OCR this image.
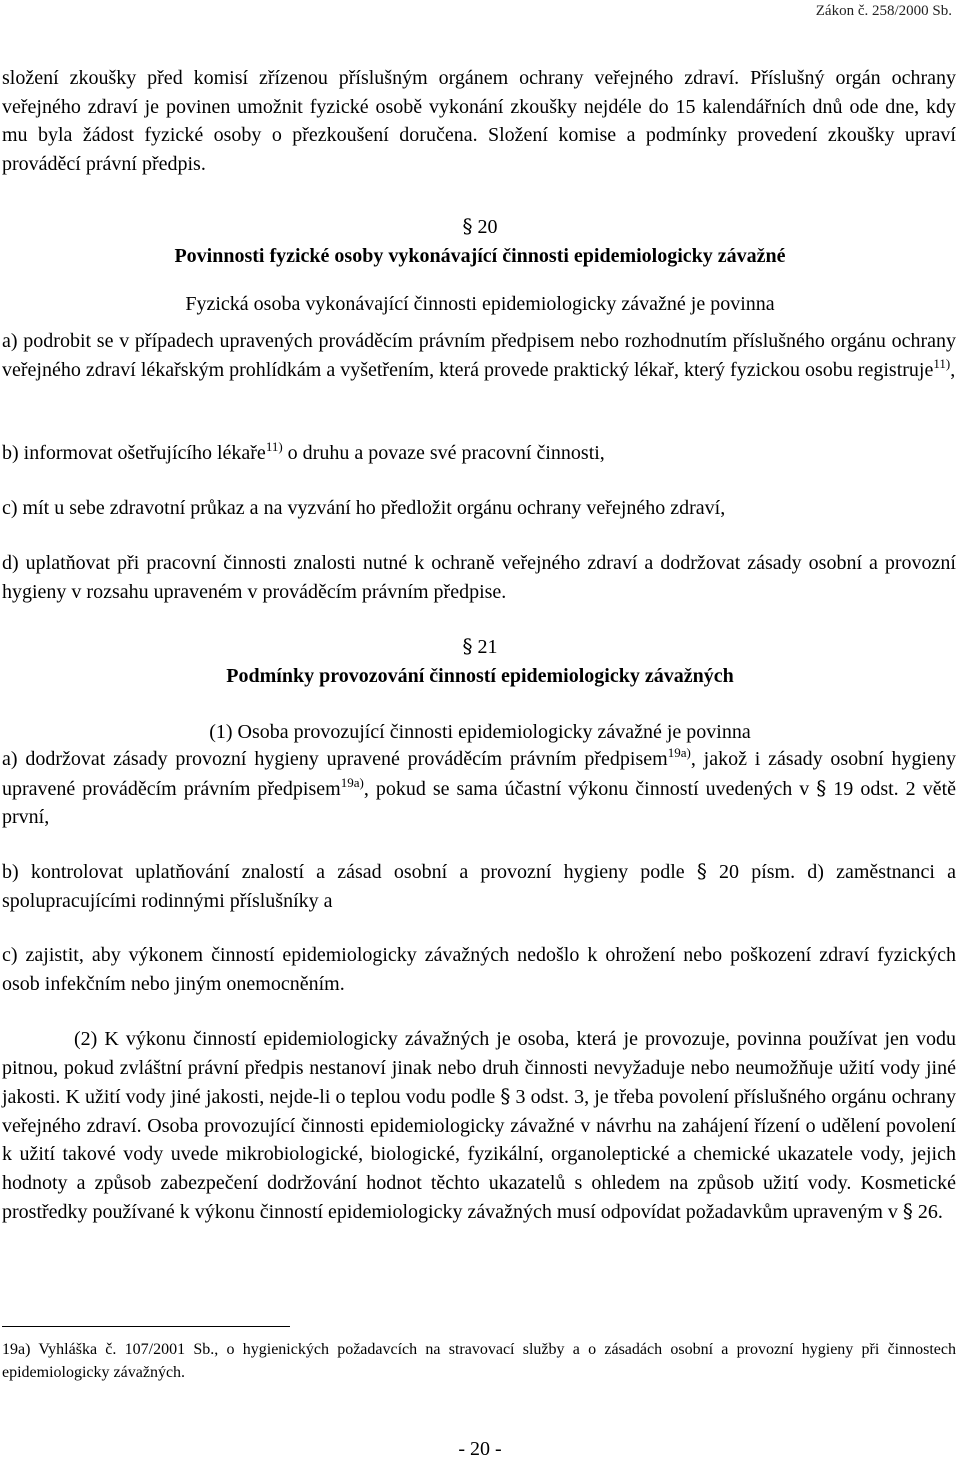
Zákon č. 258/2000 Sb.

složení zkoušky před komisí zřízenou příslušným orgánem ochrany veřejného zdraví. Příslušný orgán ochrany veřejného zdraví je povinen umožnit fyzické osobě vykonání zkoušky nejdéle do 15 kalendářních dnů ode dne, kdy mu byla žádost fyzické osoby o přezkoušení doručena. Složení komise a podmínky provedení zkoušky upraví prováděcí právní předpis.

§ 20
Povinnosti fyzické osoby vykonávající činnosti epidemiologicky závažné
Fyzická osoba vykonávající činnosti epidemiologicky závažné je povinna

a) podrobit se v případech upravených prováděcím právním předpisem nebo rozhodnutím příslušného orgánu ochrany veřejného zdraví lékařským prohlídkám a vyšetřením, která provede praktický lékař, který fyzickou osobu registruje$^{11)}$,

b) informovat ošetřujícího lékaře$^{11)}$ o druhu a povaze své pracovní činnosti,

c) mít u sebe zdravotní průkaz a na vyzvání ho předložit orgánu ochrany veřejného zdraví,

d) uplatňovat při pracovní činnosti znalosti nutné k ochraně veřejného zdraví a dodržovat zásady osobní a provozní hygieny v rozsahu upraveném v prováděcím právním předpise.

§ 21
Podmínky provozování činností epidemiologicky závažných
(1) Osoba provozující činnosti epidemiologicky závažné je povinna

a) dodržovat zásady provozní hygieny upravené prováděcím právním předpisem$^{19a)}$, jakož i zásady osobní hygieny upravené prováděcím právním předpisem$^{19a)}$, pokud se sama účastní výkonu činností uvedených v § 19 odst. 2 větě první,

b) kontrolovat uplatňování znalostí a zásad osobní a provozní hygieny podle § 20 písm. d) zaměstnanci a spolupracujícími rodinnými příslušníky a

c) zajistit, aby výkonem činností epidemiologicky závažných nedošlo k ohrožení nebo poškození zdraví fyzických osob infekčním nebo jiným onemocněním.

(2) K výkonu činností epidemiologicky závažných je osoba, která je provozuje, povinna používat jen vodu pitnou, pokud zvláštní právní předpis nestanoví jinak nebo druh činnosti nevyžaduje nebo neumožňuje užití vody jiné jakosti. K užití vody jiné jakosti, nejde-li o teplou vodu podle § 3 odst. 3, je třeba povolení příslušného orgánu ochrany veřejného zdraví. Osoba provozující činnosti epidemiologicky závažné v návrhu na zahájení řízení o udělení povolení k užití takové vody uvede mikrobiologické, biologické, fyzikální, organoleptické a chemické ukazatele vody, jejich hodnoty a způsob zabezpečení dodržování hodnot těchto ukazatelů s ohledem na způsob užití vody. Kosmetické prostředky používané k výkonu činností epidemiologicky závažných musí odpovídat požadavkům upraveným v § 26.

19a) Vyhláška č. 107/2001 Sb., o hygienických požadavcích na stravovací služby a o zásadách osobní a provozní hygieny při činnostech epidemiologicky závažných.

- 20 -
